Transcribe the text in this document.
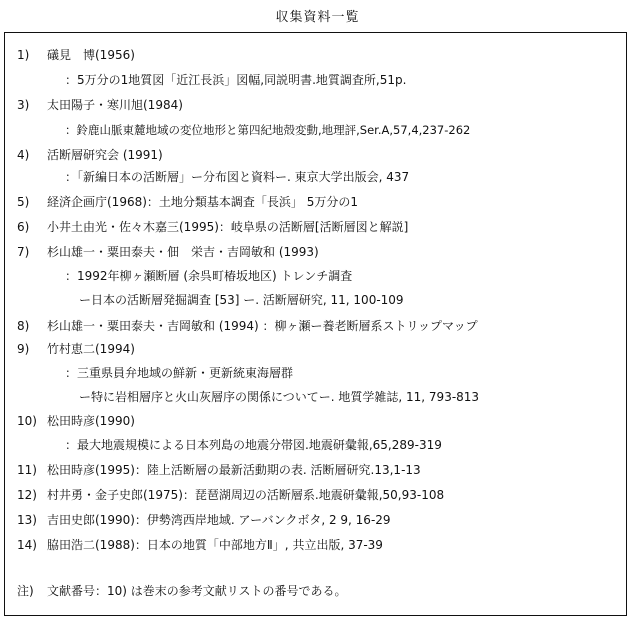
収集資料一覧
1) 礒見　博(1956)
：5万分の1地質図「近江長浜」図幅,同説明書.地質調査所,51p.
3) 太田陽子・寒川旭(1984)
：鈴鹿山脈東麓地域の変位地形と第四紀地殻変動,地理評,Ser.A,57,4,237-262
4) 活断層研究会 (1991)
：「新編日本の活断層」ー分布図と資料ー. 東京大学出版会, 437
5) 経済企画庁(1968)：土地分類基本調査「長浜」 5万分の1
6) 小井土由光・佐々木嘉三(1995)：岐阜県の活断層[活断層図と解説]
7) 杉山雄一・粟田泰夫・佃　栄吉・吉岡敏和 (1993)
：1992年柳ヶ瀬断層 (余呉町椿坂地区) トレンチ調査
ー日本の活断層発掘調査 [53] ー. 活断層研究, 11, 100-109
8) 杉山雄一・粟田泰夫・吉岡敏和 (1994) ：柳ヶ瀬ー養老断層系ストリップマップ
9) 竹村恵二(1994)
：三重県員弁地域の鮮新・更新統東海層群
ー特に岩相層序と火山灰層序の関係についてー. 地質学雑誌, 11, 793-813
10) 松田時彦(1990)
：最大地震規模による日本列島の地震分帯図.地震研彙報,65,289-319
11) 松田時彦(1995)：陸上活断層の最新活動期の表. 活断層研究.13,1-13
12) 村井勇・金子史郎(1975)：琵琶湖周辺の活断層系.地震研彙報,50,93-108
13) 吉田史郎(1990)：伊勢湾西岸地域. アーバンクボタ, 2 9, 16-29
14) 脇田浩二(1988)：日本の地質「中部地方Ⅱ」, 共立出版, 37-39
注) 文献番号：10) は巻末の参考文献リストの番号である。
